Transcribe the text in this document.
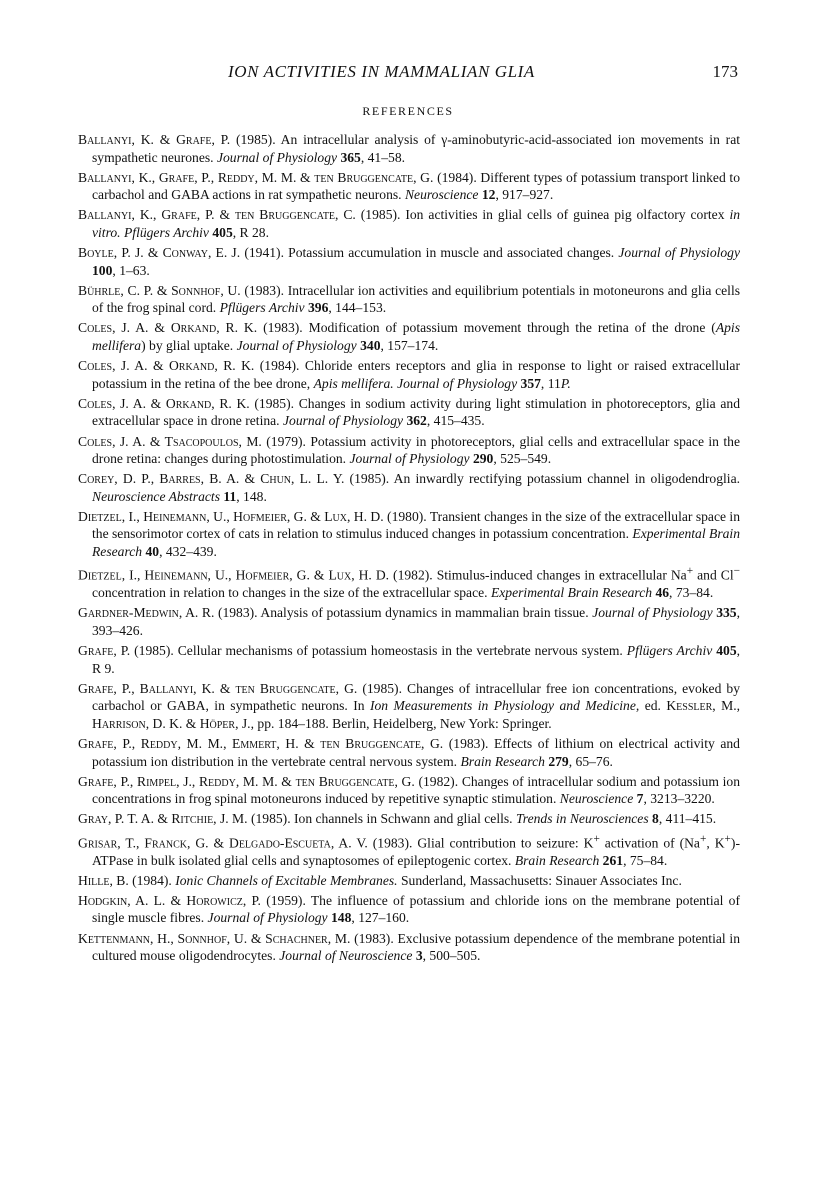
ION ACTIVITIES IN MAMMALIAN GLIA	173
REFERENCES

Ballanyi, K. & Grafe, P. (1985). An intracellular analysis of γ-aminobutyric-acid-associated ion movements in rat sympathetic neurones. Journal of Physiology 365, 41–58.

Ballanyi, K., Grafe, P., Reddy, M. M. & ten Bruggencate, G. (1984). Different types of potassium transport linked to carbachol and GABA actions in rat sympathetic neurons. Neuroscience 12, 917–927.

Ballanyi, K., Grafe, P. & ten Bruggencate, C. (1985). Ion activities in glial cells of guinea pig olfactory cortex in vitro. Pflügers Archiv 405, R 28.

Boyle, P. J. & Conway, E. J. (1941). Potassium accumulation in muscle and associated changes. Journal of Physiology 100, 1–63.

Bührle, C. P. & Sonnhof, U. (1983). Intracellular ion activities and equilibrium potentials in motoneurons and glia cells of the frog spinal cord. Pflügers Archiv 396, 144–153.

Coles, J. A. & Orkand, R. K. (1983). Modification of potassium movement through the retina of the drone (Apis mellifera) by glial uptake. Journal of Physiology 340, 157–174.

Coles, J. A. & Orkand, R. K. (1984). Chloride enters receptors and glia in response to light or raised extracellular potassium in the retina of the bee drone, Apis mellifera. Journal of Physiology 357, 11P.

Coles, J. A. & Orkand, R. K. (1985). Changes in sodium activity during light stimulation in photoreceptors, glia and extracellular space in drone retina. Journal of Physiology 362, 415–435.

Coles, J. A. & Tsacopoulos, M. (1979). Potassium activity in photoreceptors, glial cells and extracellular space in the drone retina: changes during photostimulation. Journal of Physiology 290, 525–549.

Corey, D. P., Barres, B. A. & Chun, L. L. Y. (1985). An inwardly rectifying potassium channel in oligodendroglia. Neuroscience Abstracts 11, 148.

Dietzel, I., Heinemann, U., Hofmeier, G. & Lux, H. D. (1980). Transient changes in the size of the extracellular space in the sensorimotor cortex of cats in relation to stimulus induced changes in potassium concentration. Experimental Brain Research 40, 432–439.

Dietzel, I., Heinemann, U., Hofmeier, G. & Lux, H. D. (1982). Stimulus-induced changes in extracellular Na+ and Cl− concentration in relation to changes in the size of the extracellular space. Experimental Brain Research 46, 73–84.

Gardner-Medwin, A. R. (1983). Analysis of potassium dynamics in mammalian brain tissue. Journal of Physiology 335, 393–426.

Grafe, P. (1985). Cellular mechanisms of potassium homeostasis in the vertebrate nervous system. Pflügers Archiv 405, R 9.

Grafe, P., Ballanyi, K. & ten Bruggencate, G. (1985). Changes of intracellular free ion concentrations, evoked by carbachol or GABA, in sympathetic neurons. In Ion Measurements in Physiology and Medicine, ed. Kessler, M., Harrison, D. K. & Höper, J., pp. 184–188. Berlin, Heidelberg, New York: Springer.

Grafe, P., Reddy, M. M., Emmert, H. & ten Bruggencate, G. (1983). Effects of lithium on electrical activity and potassium ion distribution in the vertebrate central nervous system. Brain Research 279, 65–76.

Grafe, P., Rimpel, J., Reddy, M. M. & ten Bruggencate, G. (1982). Changes of intracellular sodium and potassium ion concentrations in frog spinal motoneurons induced by repetitive synaptic stimulation. Neuroscience 7, 3213–3220.

Gray, P. T. A. & Ritchie, J. M. (1985). Ion channels in Schwann and glial cells. Trends in Neurosciences 8, 411–415.

Grisar, T., Franck, G. & Delgado-Escueta, A. V. (1983). Glial contribution to seizure: K+ activation of (Na+, K+)-ATPase in bulk isolated glial cells and synaptosomes of epileptogenic cortex. Brain Research 261, 75–84.

Hille, B. (1984). Ionic Channels of Excitable Membranes. Sunderland, Massachusetts: Sinauer Associates Inc.

Hodgkin, A. L. & Horowicz, P. (1959). The influence of potassium and chloride ions on the membrane potential of single muscle fibres. Journal of Physiology 148, 127–160.

Kettenmann, H., Sonnhof, U. & Schachner, M. (1983). Exclusive potassium dependence of the membrane potential in cultured mouse oligodendrocytes. Journal of Neuroscience 3, 500–505.
